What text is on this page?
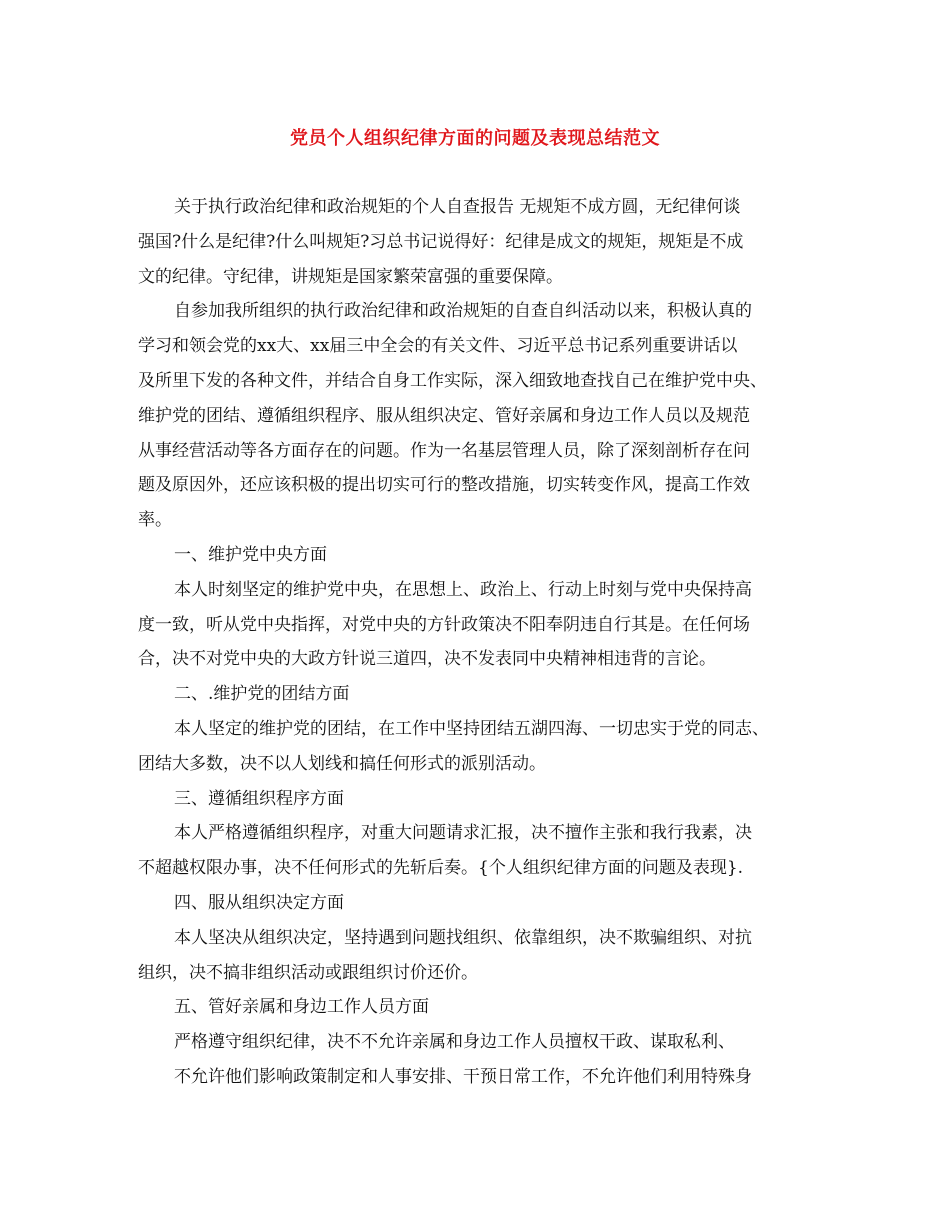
党员个人组织纪律方面的问题及表现总结范文
关于执行政治纪律和政治规矩的个人自查报告 无规矩不成方圆，无纪律何谈
强国?什么是纪律?什么叫规矩?习总书记说得好：纪律是成文的规矩，规矩是不成
文的纪律。守纪律，讲规矩是国家繁荣富强的重要保障。
自参加我所组织的执行政治纪律和政治规矩的自查自纠活动以来，积极认真的
学习和领会党的xx大、xx届三中全会的有关文件、习近平总书记系列重要讲话以
及所里下发的各种文件，并结合自身工作实际，深入细致地查找自己在维护党中央、
维护党的团结、遵循组织程序、服从组织决定、管好亲属和身边工作人员以及规范
从事经营活动等各方面存在的问题。作为一名基层管理人员，除了深刻剖析存在问
题及原因外，还应该积极的提出切实可行的整改措施，切实转变作风，提高工作效
率。
一、维护党中央方面
本人时刻坚定的维护党中央，在思想上、政治上、行动上时刻与党中央保持高
度一致，听从党中央指挥，对党中央的方针政策决不阳奉阴违自行其是。在任何场
合，决不对党中央的大政方针说三道四，决不发表同中央精神相违背的言论。
二、.维护党的团结方面
本人坚定的维护党的团结，在工作中坚持团结五湖四海、一切忠实于党的同志、
团结大多数，决不以人划线和搞任何形式的派别活动。
三、遵循组织程序方面
本人严格遵循组织程序，对重大问题请求汇报，决不擅作主张和我行我素，决
不超越权限办事，决不任何形式的先斩后奏。{个人组织纪律方面的问题及表现}.
四、服从组织决定方面
本人坚决从组织决定，坚持遇到问题找组织、依靠组织，决不欺骗组织、对抗
组织，决不搞非组织活动或跟组织讨价还价。
五、管好亲属和身边工作人员方面
严格遵守组织纪律，决不不允许亲属和身边工作人员擅权干政、谋取私利、
不允许他们影响政策制定和人事安排、干预日常工作，不允许他们利用特殊身
